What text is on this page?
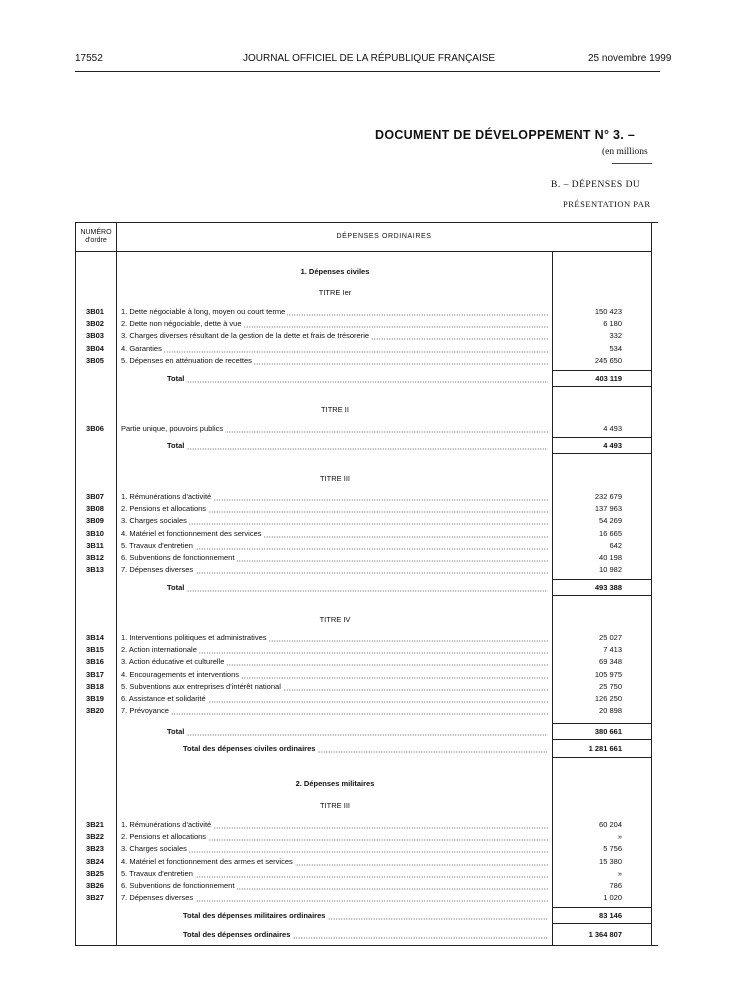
17552	JOURNAL OFFICIEL DE LA RÉPUBLIQUE FRANÇAISE	25 novembre 1999
DOCUMENT DE DÉVELOPPEMENT N° 3. –
(en millions
B. – DÉPENSES DU
PRÉSENTATION PAR
NUMÉRO
d'ordre
DÉPENSES ORDINAIRES
1. Dépenses civiles
TITRE Ier
3B01	1. Dette négociable à long, moyen ou court terme	150 423
3B02	2. Dette non négociable, dette à vue	6 180
3B03	3. Charges diverses résultant de la gestion de la dette et frais de trésorerie	332
3B04	4. Garanties	534
3B05	5. Dépenses en atténuation de recettes	245 650
Total	403 119
TITRE II
3B06	Partie unique, pouvoirs publics	4 493
Total	4 493
TITRE III
3B07	1. Rémunérations d'activité	232 679
3B08	2. Pensions et allocations	137 963
3B09	3. Charges sociales	54 269
3B10	4. Matériel et fonctionnement des services	16 665
3B11	5. Travaux d'entretien	642
3B12	6. Subventions de fonctionnement	40 198
3B13	7. Dépenses diverses	10 982
Total	493 388
TITRE IV
3B14	1. Interventions politiques et administratives	25 027
3B15	2. Action internationale	7 413
3B16	3. Action éducative et culturelle	69 348
3B17	4. Encouragements et interventions	105 975
3B18	5. Subventions aux entreprises d'intérêt national	25 750
3B19	6. Assistance et solidarité	126 250
3B20	7. Prévoyance	20 898
Total	380 661
Total des dépenses civiles ordinaires	1 281 661
2. Dépenses militaires
TITRE III
3B21	1. Rémunérations d'activité	60 204
3B22	2. Pensions et allocations	»
3B23	3. Charges sociales	5 756
3B24	4. Matériel et fonctionnement des armes et services	15 380
3B25	5. Travaux d'entretien	»
3B26	6. Subventions de fonctionnement	786
3B27	7. Dépenses diverses	1 020
Total des dépenses militaires ordinaires	83 146
Total des dépenses ordinaires	1 364 807
